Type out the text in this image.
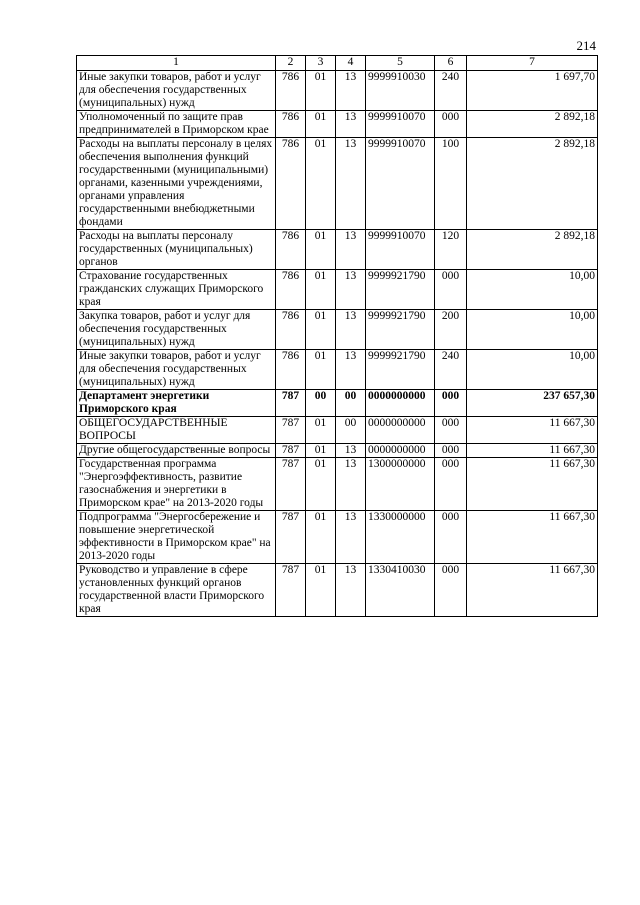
214
1	2	3	4	5	6	7
Иные закупки товаров, работ и услуг для обеспечения государственных (муниципальных) нужд	786	01	13	9999910030	240	1 697,70
Уполномоченный по защите прав предпринимателей в Приморском крае	786	01	13	9999910070	000	2 892,18
Расходы на выплаты персоналу в целях обеспечения выполнения функций государственными (муниципальными) органами, казенными учреждениями, органами управления государственными внебюджетными фондами	786	01	13	9999910070	100	2 892,18
Расходы на выплаты персоналу государственных (муниципальных) органов	786	01	13	9999910070	120	2 892,18
Страхование государственных гражданских служащих Приморского края	786	01	13	9999921790	000	10,00
Закупка товаров, работ и услуг для обеспечения государственных (муниципальных) нужд	786	01	13	9999921790	200	10,00
Иные закупки товаров, работ и услуг для обеспечения государственных (муниципальных) нужд	786	01	13	9999921790	240	10,00
Департамент энергетики Приморского края	787	00	00	0000000000	000	237 657,30
ОБЩЕГОСУДАРСТВЕННЫЕ ВОПРОСЫ	787	01	00	0000000000	000	11 667,30
Другие общегосударственные вопросы	787	01	13	0000000000	000	11 667,30
Государственная программа "Энергоэффективность, развитие газоснабжения и энергетики в Приморском крае" на 2013-2020 годы	787	01	13	1300000000	000	11 667,30
Подпрограмма "Энергосбережение и повышение энергетической эффективности в Приморском крае" на 2013-2020 годы	787	01	13	1330000000	000	11 667,30
Руководство и управление в сфере установленных функций органов государственной власти Приморского края	787	01	13	1330410030	000	11 667,30
